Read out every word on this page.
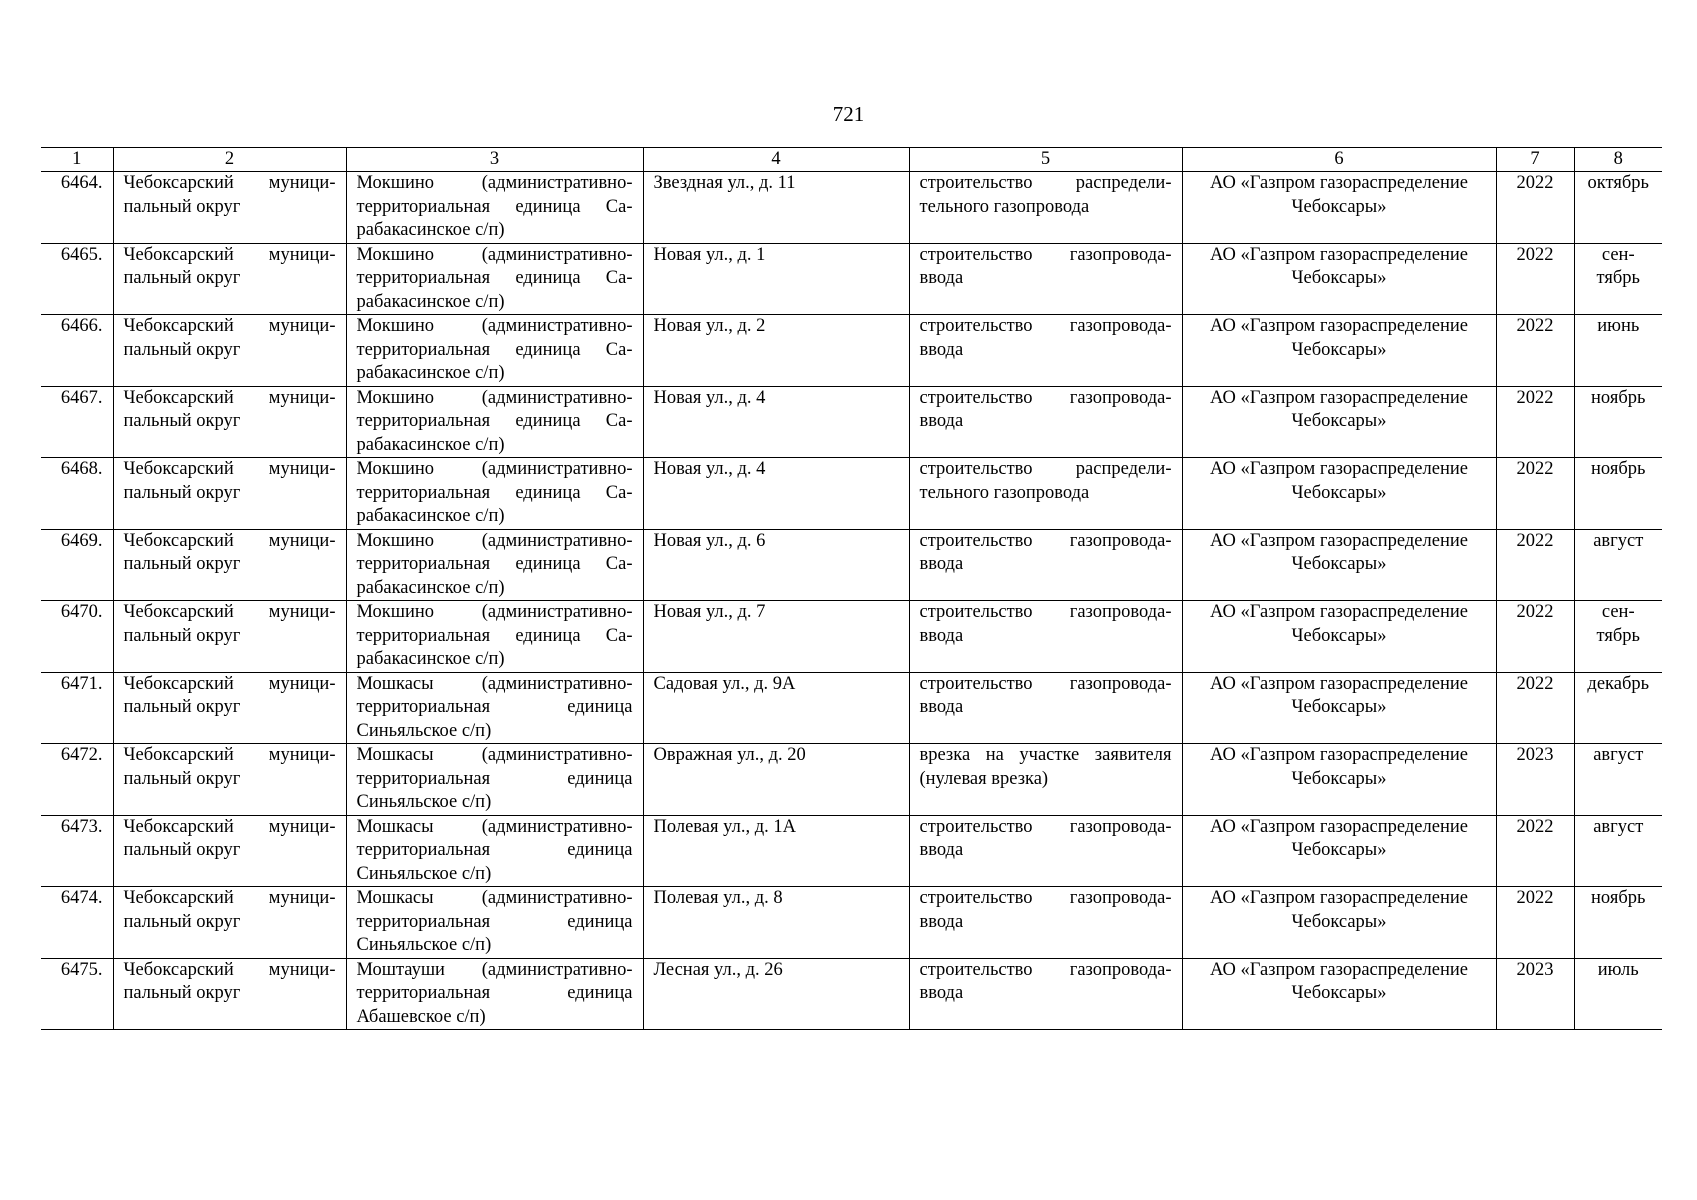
721
1	2	3	4	5	6	7	8
6464.	Чебоксарский муници-пальный округ	Мокшино (административно-территориальная единица Са-рабакасинское с/п)	Звездная ул., д. 11	строительство распредели-тельного газопровода	АО «Газпром газораспределение Чебоксары»	2022	октябрь
6465.	Чебоксарский муници-пальный округ	Мокшино (административно-территориальная единица Са-рабакасинское с/п)	Новая ул., д. 1	строительство газопровода-ввода	АО «Газпром газораспределение Чебоксары»	2022	сен-тябрь
6466.	Чебоксарский муници-пальный округ	Мокшино (административно-территориальная единица Са-рабакасинское с/п)	Новая ул., д. 2	строительство газопровода-ввода	АО «Газпром газораспределение Чебоксары»	2022	июнь
6467.	Чебоксарский муници-пальный округ	Мокшино (административно-территориальная единица Са-рабакасинское с/п)	Новая ул., д. 4	строительство газопровода-ввода	АО «Газпром газораспределение Чебоксары»	2022	ноябрь
6468.	Чебоксарский муници-пальный округ	Мокшино (административно-территориальная единица Са-рабакасинское с/п)	Новая ул., д. 4	строительство распредели-тельного газопровода	АО «Газпром газораспределение Чебоксары»	2022	ноябрь
6469.	Чебоксарский муници-пальный округ	Мокшино (административно-территориальная единица Са-рабакасинское с/п)	Новая ул., д. 6	строительство газопровода-ввода	АО «Газпром газораспределение Чебоксары»	2022	август
6470.	Чебоксарский муници-пальный округ	Мокшино (административно-территориальная единица Са-рабакасинское с/п)	Новая ул., д. 7	строительство газопровода-ввода	АО «Газпром газораспределение Чебоксары»	2022	сен-тябрь
6471.	Чебоксарский муници-пальный округ	Мошкасы (административно-территориальная единица Синьяльское с/п)	Садовая ул., д. 9А	строительство газопровода-ввода	АО «Газпром газораспределение Чебоксары»	2022	декабрь
6472.	Чебоксарский муници-пальный округ	Мошкасы (административно-территориальная единица Синьяльское с/п)	Овражная ул., д. 20	врезка на участке заявителя (нулевая врезка)	АО «Газпром газораспределение Чебоксары»	2023	август
6473.	Чебоксарский муници-пальный округ	Мошкасы (административно-территориальная единица Синьяльское с/п)	Полевая ул., д. 1А	строительство газопровода-ввода	АО «Газпром газораспределение Чебоксары»	2022	август
6474.	Чебоксарский муници-пальный округ	Мошкасы (административно-территориальная единица Синьяльское с/п)	Полевая ул., д. 8	строительство газопровода-ввода	АО «Газпром газораспределение Чебоксары»	2022	ноябрь
6475.	Чебоксарский муници-пальный округ	Моштауши (административно-территориальная единица Абашевское с/п)	Лесная ул., д. 26	строительство газопровода-ввода	АО «Газпром газораспределение Чебоксары»	2023	июль
